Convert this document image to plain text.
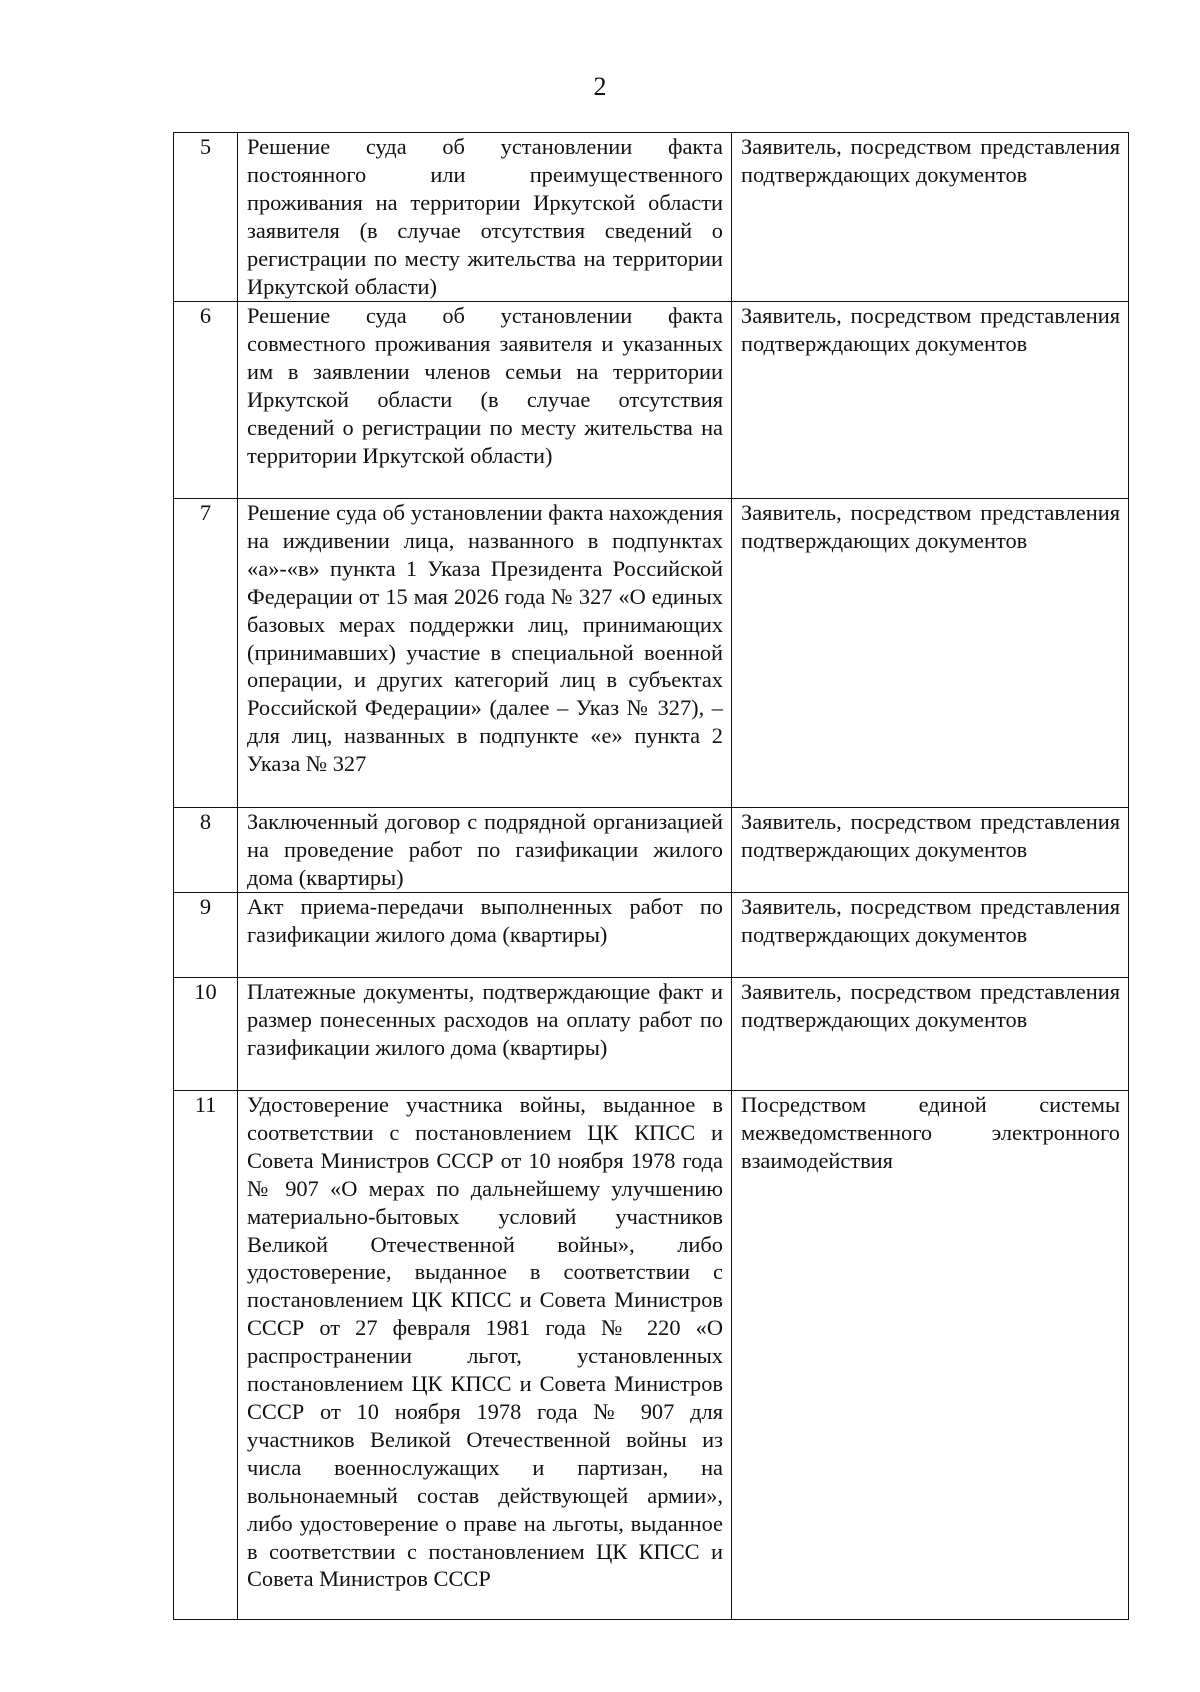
2
5	Решение суда об установлении факта постоянного или преимущественного проживания на территории Иркутской области заявителя (в случае отсутствия сведений о регистрации по месту жительства на территории Иркутской области)	Заявитель, посредством представления подтверждающих документов
6	Решение суда об установлении факта совместного проживания заявителя и указанных им в заявлении членов семьи на территории Иркутской области (в случае отсутствия сведений о регистрации по месту жительства на территории Иркутской области)	Заявитель, посредством представления подтверждающих документов
7	Решение суда об установлении факта нахождения на иждивении лица, названного в подпунктах «а»-«в» пункта 1 Указа Президента Российской Федерации от 15 мая 2026 года № 327 «О единых базовых мерах поддержки лиц, принимающих (принимавших) участие в специальной военной операции, и других категорий лиц в субъектах Российской Федерации» (далее – Указ № 327), – для лиц, названных в подпункте «е» пункта 2 Указа № 327	Заявитель, посредством представления подтверждающих документов
8	Заключенный договор с подрядной организацией на проведение работ по газификации жилого дома (квартиры)	Заявитель, посредством представления подтверждающих документов
9	Акт приема-передачи выполненных работ по газификации жилого дома (квартиры)	Заявитель, посредством представления подтверждающих документов
10	Платежные документы, подтверждающие факт и размер понесенных расходов на оплату работ по газификации жилого дома (квартиры)	Заявитель, посредством представления подтверждающих документов
11	Удостоверение участника войны, выданное в соответствии с постановлением ЦК КПСС и Совета Министров СССР от 10 ноября 1978 года № 907 «О мерах по дальнейшему улучшению материально-бытовых условий участников Великой Отечественной войны», либо удостоверение, выданное в соответствии с постановлением ЦК КПСС и Совета Министров СССР от 27 февраля 1981 года № 220 «О распространении льгот, установленных постановлением ЦК КПСС и Совета Министров СССР от 10 ноября 1978 года № 907 для участников Великой Отечественной войны из числа военнослужащих и партизан, на вольнонаемный состав действующей армии», либо удостоверение о праве на льготы, выданное в соответствии с постановлением ЦК КПСС и Совета Министров СССР	Посредством единой системы межведомственного электронного взаимодействия
